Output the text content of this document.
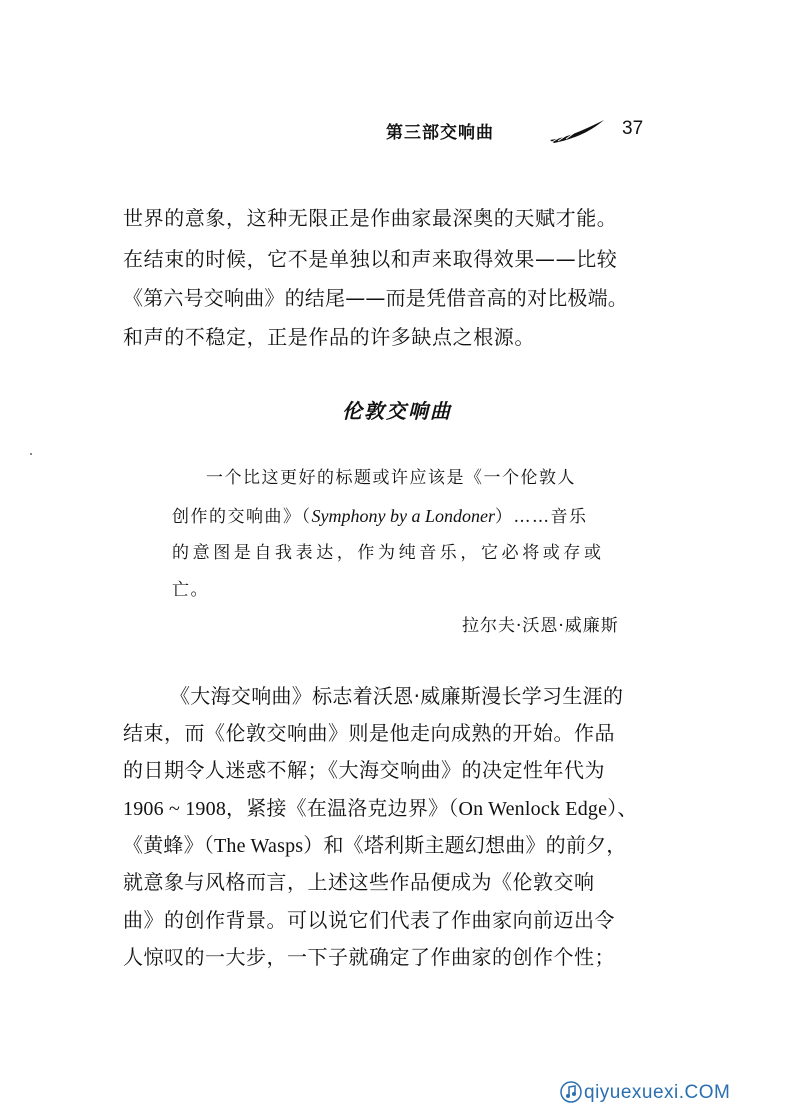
第三部交响曲	37
世界的意象，这种无限正是作曲家最深奥的天赋才能。
在结束的时候，它不是单独以和声来取得效果——比较
《第六号交响曲》的结尾——而是凭借音高的对比极端。
和声的不稳定，正是作品的许多缺点之根源。
伦敦交响曲
一个比这更好的标题或许应该是《一个伦敦人
创作的交响曲》（Symphony by a Londoner）……音乐
的意图是自我表达，作为纯音乐，它必将或存或
亡。
拉尔夫·沃恩·威廉斯
《大海交响曲》标志着沃恩·威廉斯漫长学习生涯的
结束，而《伦敦交响曲》则是他走向成熟的开始。作品
的日期令人迷惑不解；《大海交响曲》的决定性年代为
1906 ~ 1908，紧接《在温洛克边界》（On Wenlock Edge）、
《黄蜂》（The Wasps）和《塔利斯主题幻想曲》的前夕，
就意象与风格而言，上述这些作品便成为《伦敦交响
曲》的创作背景。可以说它们代表了作曲家向前迈出令
人惊叹的一大步，一下子就确定了作曲家的创作个性；
qiyuexuexi.COM
